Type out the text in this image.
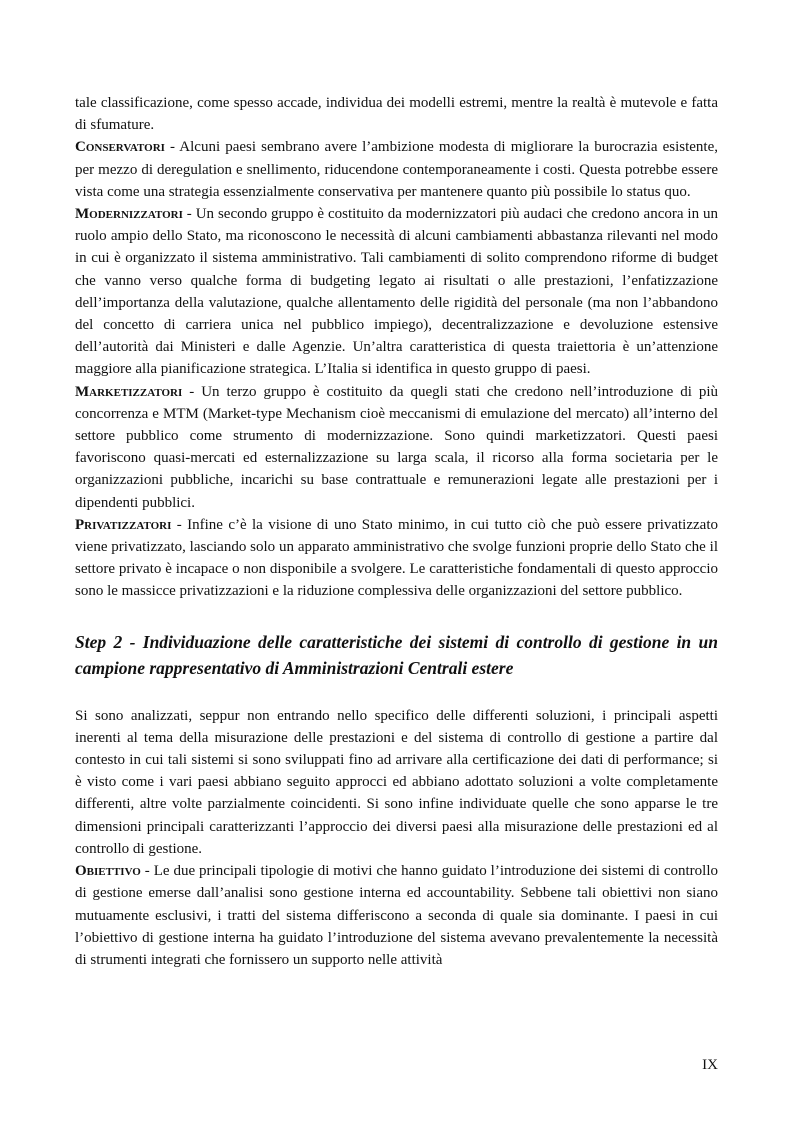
tale classificazione, come spesso accade, individua dei modelli estremi, mentre la realtà è mutevole e fatta di sfumature.

Conservatori - Alcuni paesi sembrano avere l’ambizione modesta di migliorare la burocrazia esistente, per mezzo di deregulation e snellimento, riducendone contemporaneamente i costi. Questa potrebbe essere vista come una strategia essenzialmente conservativa per mantenere quanto più possibile lo status quo.

Modernizzatori - Un secondo gruppo è costituito da modernizzatori più audaci che credono ancora in un ruolo ampio dello Stato, ma riconoscono le necessità di alcuni cambiamenti abbastanza rilevanti nel modo in cui è organizzato il sistema amministrativo. Tali cambiamenti di solito comprendono riforme di budget che vanno verso qualche forma di budgeting legato ai risultati o alle prestazioni, l’enfatizzazione dell’importanza della valutazione, qualche allentamento delle rigidità del personale (ma non l’abbandono del concetto di carriera unica nel pubblico impiego), decentralizzazione e devoluzione estensive dell’autorità dai Ministeri e dalle Agenzie. Un’altra caratteristica di questa traiettoria è un’attenzione maggiore alla pianificazione strategica. L’Italia si identifica in questo gruppo di paesi.

Marketizzatori - Un terzo gruppo è costituito da quegli stati che credono nell’introduzione di più concorrenza e MTM (Market-type Mechanism cioè meccanismi di emulazione del mercato) all’interno del settore pubblico come strumento di modernizzazione. Sono quindi marketizzatori. Questi paesi favoriscono quasi-mercati ed esternalizzazione su larga scala, il ricorso alla forma societaria per le organizzazioni pubbliche, incarichi su base contrattuale e remunerazioni legate alle prestazioni per i dipendenti pubblici.

Privatizzatori - Infine c’è la visione di uno Stato minimo, in cui tutto ciò che può essere privatizzato viene privatizzato, lasciando solo un apparato amministrativo che svolge funzioni proprie dello Stato che il settore privato è incapace o non disponibile a svolgere. Le caratteristiche fondamentali di questo approccio sono le massicce privatizzazioni e la riduzione complessiva delle organizzazioni del settore pubblico.

Step 2 - Individuazione delle caratteristiche dei sistemi di controllo di gestione in un campione rappresentativo di Amministrazioni Centrali estere

Si sono analizzati, seppur non entrando nello specifico delle differenti soluzioni, i principali aspetti inerenti al tema della misurazione delle prestazioni e del sistema di controllo di gestione a partire dal contesto in cui tali sistemi si sono sviluppati fino ad arrivare alla certificazione dei dati di performance; si è visto come i vari paesi abbiano seguito approcci ed abbiano adottato soluzioni a volte completamente differenti, altre volte parzialmente coincidenti. Si sono infine individuate quelle che sono apparse le tre dimensioni principali caratterizzanti l’approccio dei diversi paesi alla misurazione delle prestazioni ed al controllo di gestione.

Obiettivo - Le due principali tipologie di motivi che hanno guidato l’introduzione dei sistemi di controllo di gestione emerse dall’analisi sono gestione interna ed accountability. Sebbene tali obiettivi non siano mutuamente esclusivi, i tratti del sistema differiscono a seconda di quale sia dominante. I paesi in cui l’obiettivo di gestione interna ha guidato l’introduzione del sistema avevano prevalentemente la necessità di strumenti integrati che fornissero un supporto nelle attività

IX
